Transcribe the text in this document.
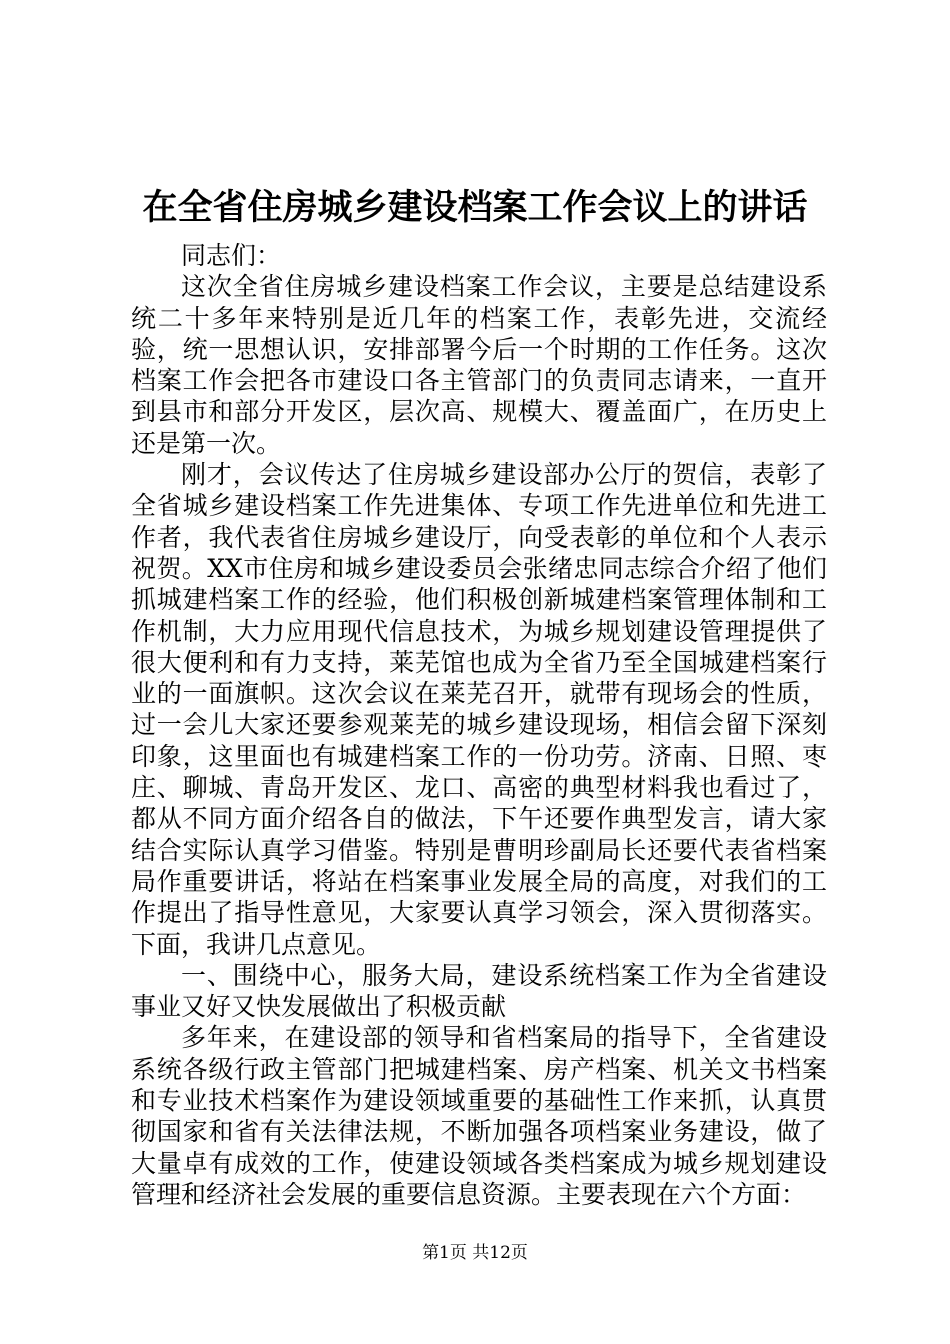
在全省住房城乡建设档案工作会议上的讲话

同志们：

这次全省住房城乡建设档案工作会议，主要是总结建设系统二十多年来特别是近几年的档案工作，表彰先进，交流经验，统一思想认识，安排部署今后一个时期的工作任务。这次档案工作会把各市建设口各主管部门的负责同志请来，一直开到县市和部分开发区，层次高、规模大、覆盖面广，在历史上还是第一次。

刚才，会议传达了住房城乡建设部办公厅的贺信，表彰了全省城乡建设档案工作先进集体、专项工作先进单位和先进工作者，我代表省住房城乡建设厅，向受表彰的单位和个人表示祝贺。XX市住房和城乡建设委员会张绪忠同志综合介绍了他们抓城建档案工作的经验，他们积极创新城建档案管理体制和工作机制，大力应用现代信息技术，为城乡规划建设管理提供了很大便利和有力支持，莱芜馆也成为全省乃至全国城建档案行业的一面旗帜。这次会议在莱芜召开，就带有现场会的性质，过一会儿大家还要参观莱芜的城乡建设现场，相信会留下深刻印象，这里面也有城建档案工作的一份功劳。济南、日照、枣庄、聊城、青岛开发区、龙口、高密的典型材料我也看过了，都从不同方面介绍各自的做法，下午还要作典型发言，请大家结合实际认真学习借鉴。特别是曹明珍副局长还要代表省档案局作重要讲话，将站在档案事业发展全局的高度，对我们的工作提出了指导性意见，大家要认真学习领会，深入贯彻落实。下面，我讲几点意见。

一、围绕中心，服务大局，建设系统档案工作为全省建设事业又好又快发展做出了积极贡献

多年来，在建设部的领导和省档案局的指导下，全省建设系统各级行政主管部门把城建档案、房产档案、机关文书档案和专业技术档案作为建设领域重要的基础性工作来抓，认真贯彻国家和省有关法律法规，不断加强各项档案业务建设，做了大量卓有成效的工作，使建设领域各类档案成为城乡规划建设管理和经济社会发展的重要信息资源。主要表现在六个方面：

第1页 共12页
